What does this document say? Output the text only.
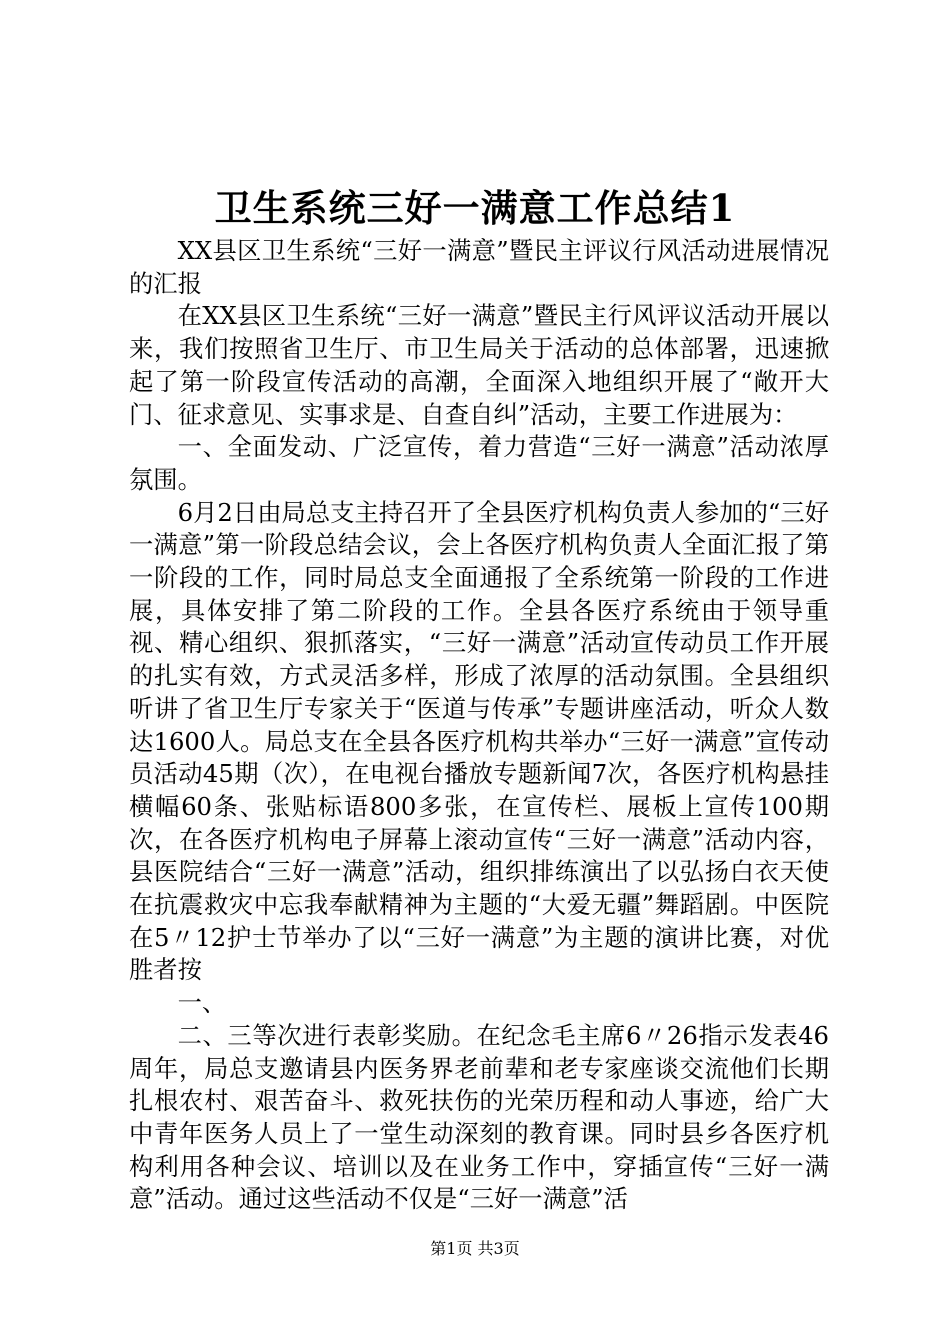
卫生系统三好一满意工作总结1

XX县区卫生系统“三好一满意”暨民主评议行风活动进展情况的汇报

在XX县区卫生系统“三好一满意”暨民主行风评议活动开展以来，我们按照省卫生厅、市卫生局关于活动的总体部署，迅速掀起了第一阶段宣传活动的高潮，全面深入地组织开展了“敞开大门、征求意见、实事求是、自查自纠”活动，主要工作进展为：

一、全面发动、广泛宣传，着力营造“三好一满意”活动浓厚氛围。

6月2日由局总支主持召开了全县医疗机构负责人参加的“三好一满意”第一阶段总结会议，会上各医疗机构负责人全面汇报了第一阶段的工作，同时局总支全面通报了全系统第一阶段的工作进展，具体安排了第二阶段的工作。全县各医疗系统由于领导重视、精心组织、狠抓落实，“三好一满意”活动宣传动员工作开展的扎实有效，方式灵活多样，形成了浓厚的活动氛围。全县组织听讲了省卫生厅专家关于“医道与传承”专题讲座活动，听众人数达1600人。局总支在全县各医疗机构共举办“三好一满意”宣传动员活动45期（次），在电视台播放专题新闻7次，各医疗机构悬挂横幅60条、张贴标语800多张，在宣传栏、展板上宣传100期次，在各医疗机构电子屏幕上滚动宣传“三好一满意”活动内容，县医院结合“三好一满意”活动，组织排练演出了以弘扬白衣天使在抗震救灾中忘我奉献精神为主题的“大爱无疆”舞蹈剧。中医院在5〃12护士节举办了以“三好一满意”为主题的演讲比赛，对优胜者按

一、

二、三等次进行表彰奖励。在纪念毛主席6〃26指示发表46周年，局总支邀请县内医务界老前辈和老专家座谈交流他们长期扎根农村、艰苦奋斗、救死扶伤的光荣历程和动人事迹，给广大中青年医务人员上了一堂生动深刻的教育课。同时县乡各医疗机构利用各种会议、培训以及在业务工作中，穿插宣传“三好一满意”活动。通过这些活动不仅是“三好一满意”活

第1页 共3页
